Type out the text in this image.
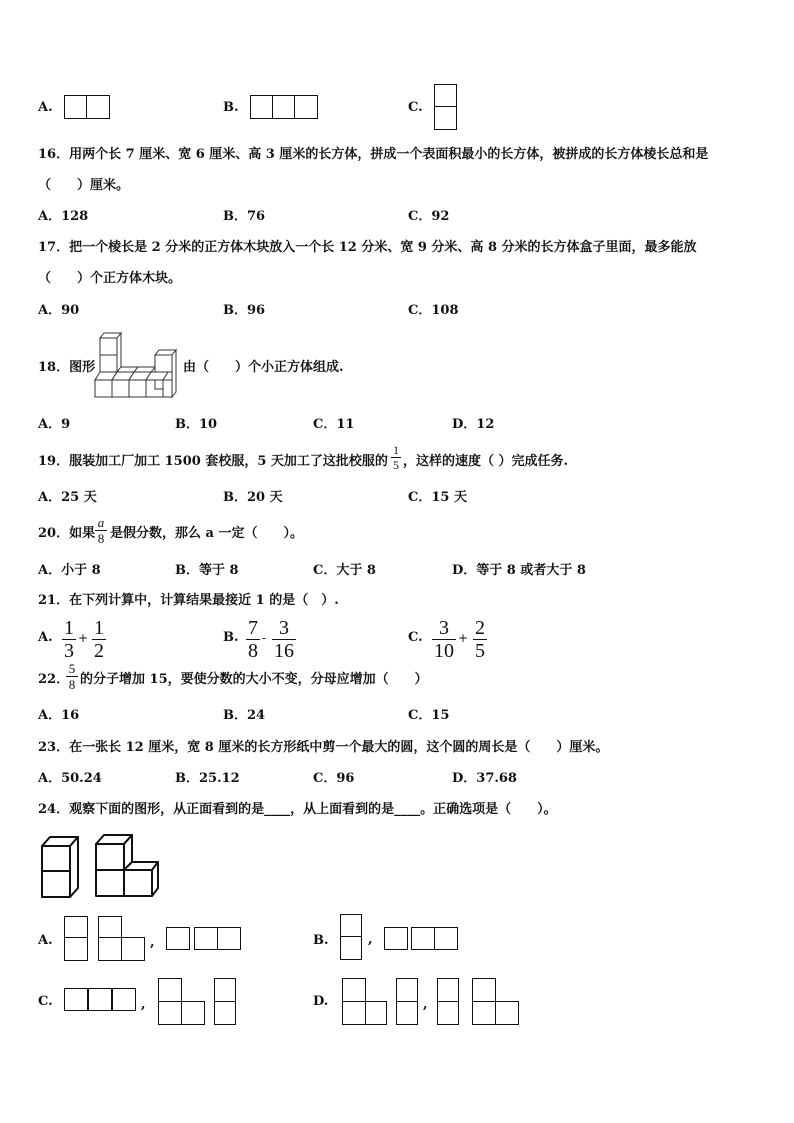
A.	B.	C.
16．用两个长 7 厘米、宽 6 厘米、高 3 厘米的长方体，拼成一个表面积最小的长方体，被拼成的长方体棱长总和是
（　　）厘米。
A．128	B．76	C．92
17．把一个棱长是 2 分米的正方体木块放入一个长 12 分米、宽 9 分米、高 8 分米的长方体盒子里面，最多能放
（　　）个正方体木块。
A．90	B．96	C．108
18．图形	由（　　）个小正方体组成.
A．9	B．10	C．11	D．12
19．服装加工厂加工 1500 套校服，5 天加工了这批校服的
1
5 ，这样的速度（ ）完成任务.
A．25 天	B．20 天	C．15 天
20．如果
a
8 是假分数，那么 a 一定（　　）。
A．小于 8	B．等于 8	C．大于 8	D．等于 8 或者大于 8
21．在下列计算中，计算结果最接近 1 的是（　）.
A. 1
3
+ 1
2
B. 7
8
- 3
16
C. 3
10
+ 2
5
22．
5
8 的分子增加 15，要使分数的大小不变，分母应增加（　　）
A．16	B．24	C．15
23．在一张长 12 厘米，宽 8 厘米的长方形纸中剪一个最大的圆，这个圆的周长是（　　）厘米。
A．50.24	B．25.12	C．96	D．37.68
24．观察下面的图形，从正面看到的是____，从上面看到的是____。正确选项是（　　）。
A.	,	B.	,
C.	,	D.	,
